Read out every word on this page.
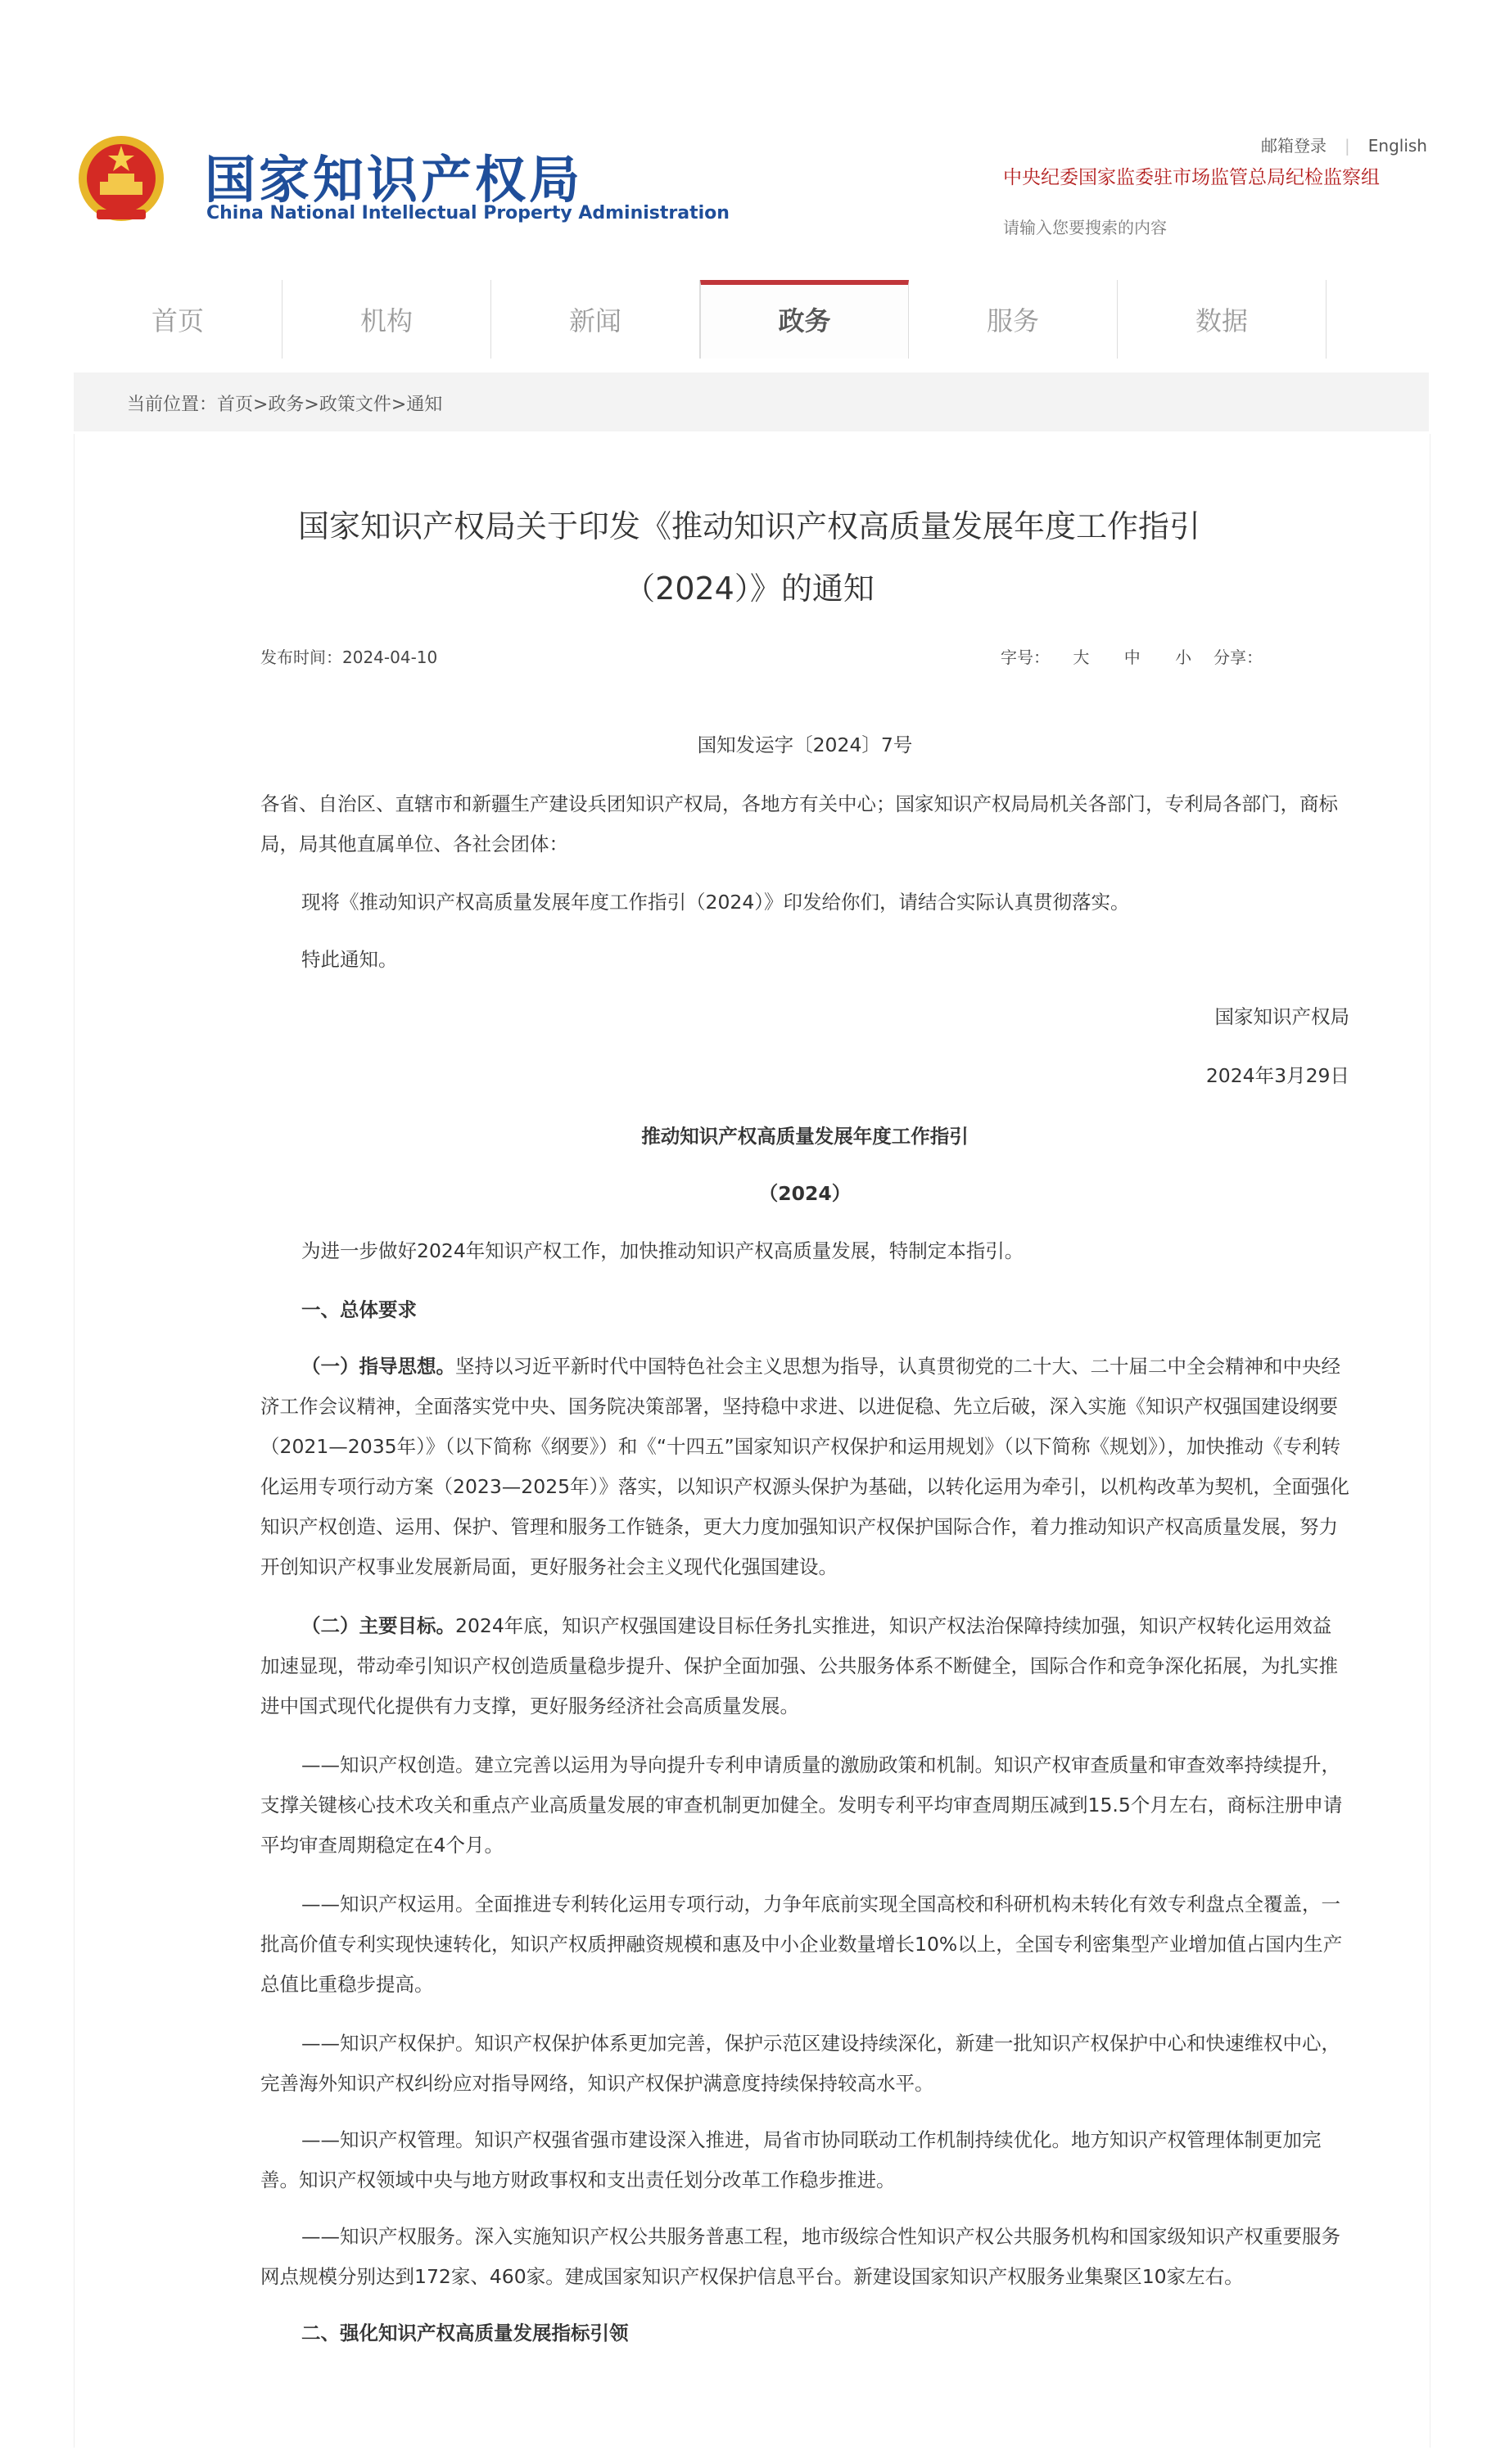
国家知识产权局
China National Intellectual Property Administration
邮箱登录 | English
中央纪委国家监委驻市场监管总局纪检监察组
请输入您要搜索的内容
首页	机构	新闻	政务	服务	数据
当前位置：首页>政务>政策文件>通知
国家知识产权局关于印发《推动知识产权高质量发展年度工作指引
（2024）》的通知
发布时间：2024-04-10	字号： 大 中 小 分享：

国知发运字〔2024〕7号

各省、自治区、直辖市和新疆生产建设兵团知识产权局，各地方有关中心；国家知识产权局局机关各部门，专利局各部门，商标局，局其他直属单位、各社会团体：

现将《推动知识产权高质量发展年度工作指引（2024）》印发给你们，请结合实际认真贯彻落实。

特此通知。

国家知识产权局

2024年3月29日

推动知识产权高质量发展年度工作指引

（2024）

为进一步做好2024年知识产权工作，加快推动知识产权高质量发展，特制定本指引。

一、总体要求

（一）指导思想。坚持以习近平新时代中国特色社会主义思想为指导，认真贯彻党的二十大、二十届二中全会精神和中央经济工作会议精神，全面落实党中央、国务院决策部署，坚持稳中求进、以进促稳、先立后破，深入实施《知识产权强国建设纲要（2021—2035年）》（以下简称《纲要》）和《“十四五”国家知识产权保护和运用规划》（以下简称《规划》），加快推动《专利转化运用专项行动方案（2023—2025年）》落实，以知识产权源头保护为基础，以转化运用为牵引，以机构改革为契机，全面强化知识产权创造、运用、保护、管理和服务工作链条，更大力度加强知识产权保护国际合作，着力推动知识产权高质量发展，努力开创知识产权事业发展新局面，更好服务社会主义现代化强国建设。

（二）主要目标。2024年底，知识产权强国建设目标任务扎实推进，知识产权法治保障持续加强，知识产权转化运用效益加速显现，带动牵引知识产权创造质量稳步提升、保护全面加强、公共服务体系不断健全，国际合作和竞争深化拓展，为扎实推进中国式现代化提供有力支撑，更好服务经济社会高质量发展。

——知识产权创造。建立完善以运用为导向提升专利申请质量的激励政策和机制。知识产权审查质量和审查效率持续提升，支撑关键核心技术攻关和重点产业高质量发展的审查机制更加健全。发明专利平均审查周期压减到15.5个月左右，商标注册申请平均审查周期稳定在4个月。

——知识产权运用。全面推进专利转化运用专项行动，力争年底前实现全国高校和科研机构未转化有效专利盘点全覆盖，一批高价值专利实现快速转化，知识产权质押融资规模和惠及中小企业数量增长10%以上，全国专利密集型产业增加值占国内生产总值比重稳步提高。

——知识产权保护。知识产权保护体系更加完善，保护示范区建设持续深化，新建一批知识产权保护中心和快速维权中心，完善海外知识产权纠纷应对指导网络，知识产权保护满意度持续保持较高水平。

——知识产权管理。知识产权强省强市建设深入推进，局省市协同联动工作机制持续优化。地方知识产权管理体制更加完善。知识产权领域中央与地方财政事权和支出责任划分改革工作稳步推进。

——知识产权服务。深入实施知识产权公共服务普惠工程，地市级综合性知识产权公共服务机构和国家级知识产权重要服务网点规模分别达到172家、460家。建成国家知识产权保护信息平台。新建设国家知识产权服务业集聚区10家左右。

二、强化知识产权高质量发展指标引领
